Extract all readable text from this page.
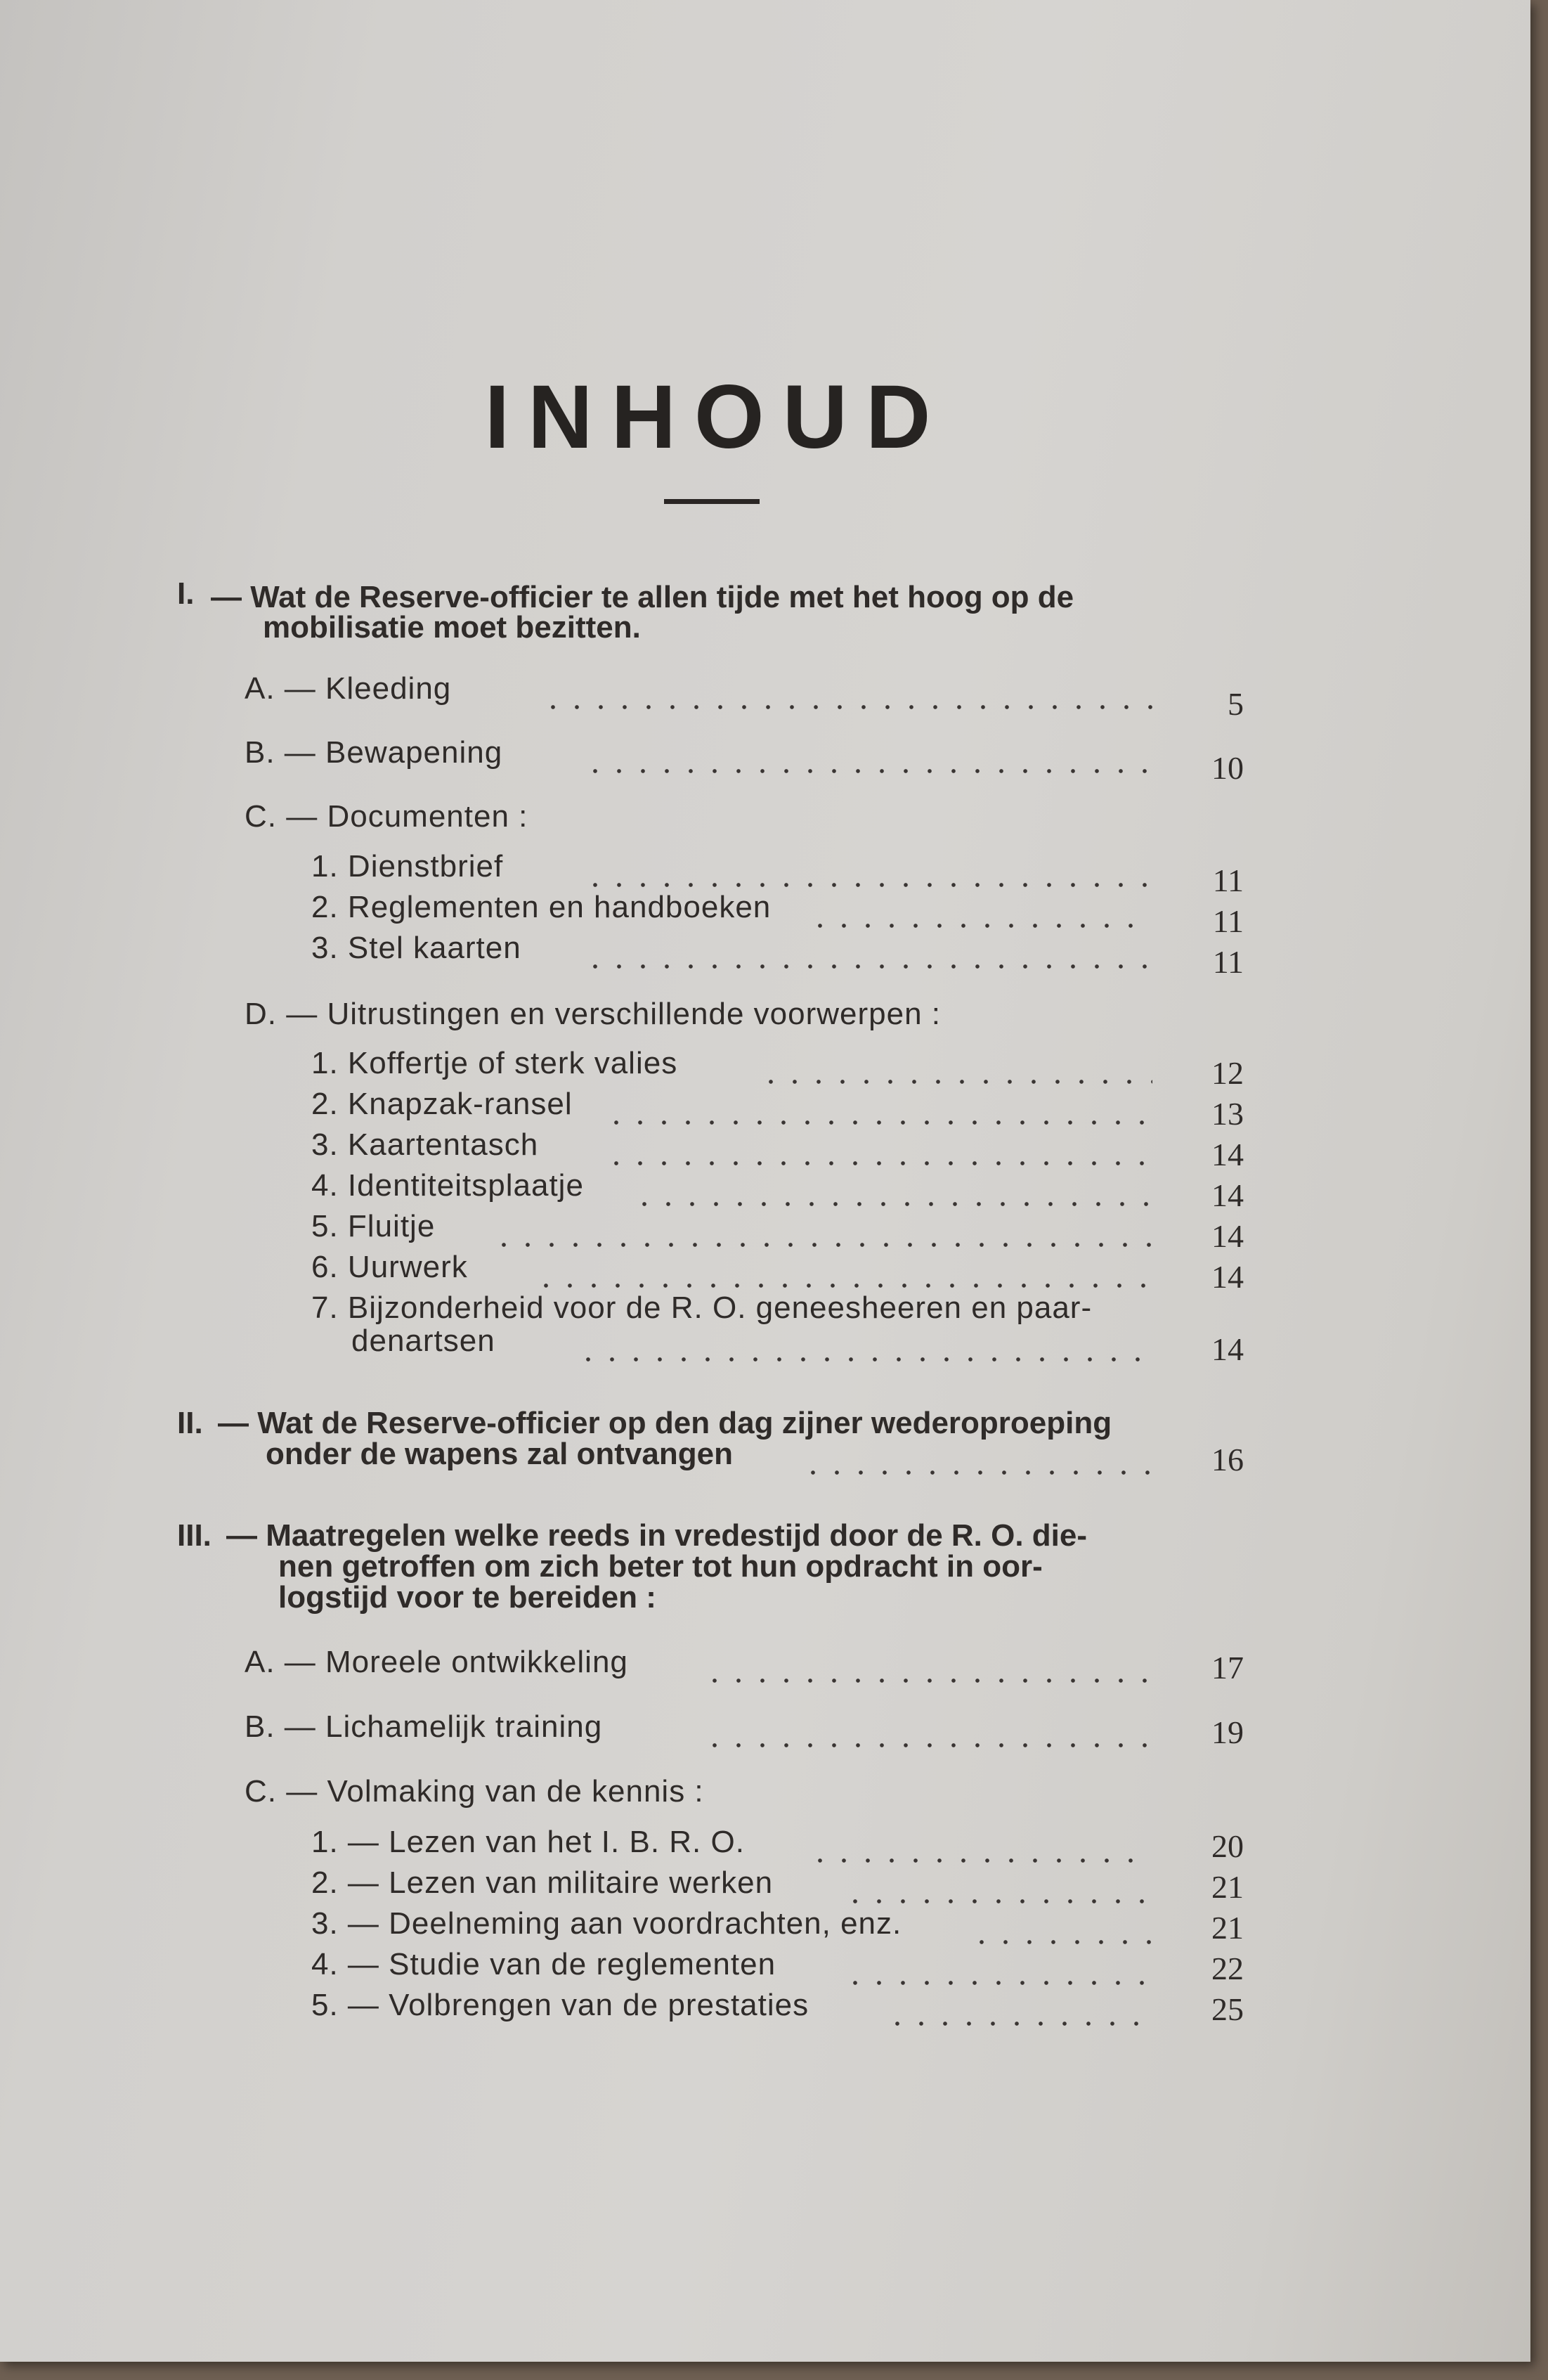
INHOUD
I. — Wat de Reserve-officier te allen tijde met het hoog op de
mobilisatie moet bezitten.
A. — Kleeding	5
B. — Bewapening	10
C. — Documenten :
1. Dienstbrief	11
2. Reglementen en handboeken	11
3. Stel kaarten	11
D. — Uitrustingen en verschillende voorwerpen :
1. Koffertje of sterk valies	12
2. Knapzak-ransel	13
3. Kaartentasch	14
4. Identiteitsplaatje	14
5. Fluitje	14
6. Uurwerk	14
7. Bijzonderheid voor de R. O. geneesheeren en paar-
denartsen	14
II. — Wat de Reserve-officier op den dag zijner wederoproeping
onder de wapens zal ontvangen	16
III. — Maatregelen welke reeds in vredestijd door de R. O. die-
nen getroffen om zich beter tot hun opdracht in oor-
logstijd voor te bereiden :
A. — Moreele ontwikkeling	17
B. — Lichamelijk training	19
C. — Volmaking van de kennis :
1. — Lezen van het I. B. R. O.	20
2. — Lezen van militaire werken	21
3. — Deelneming aan voordrachten, enz.	21
4. — Studie van de reglementen	22
5. — Volbrengen van de prestaties	25
